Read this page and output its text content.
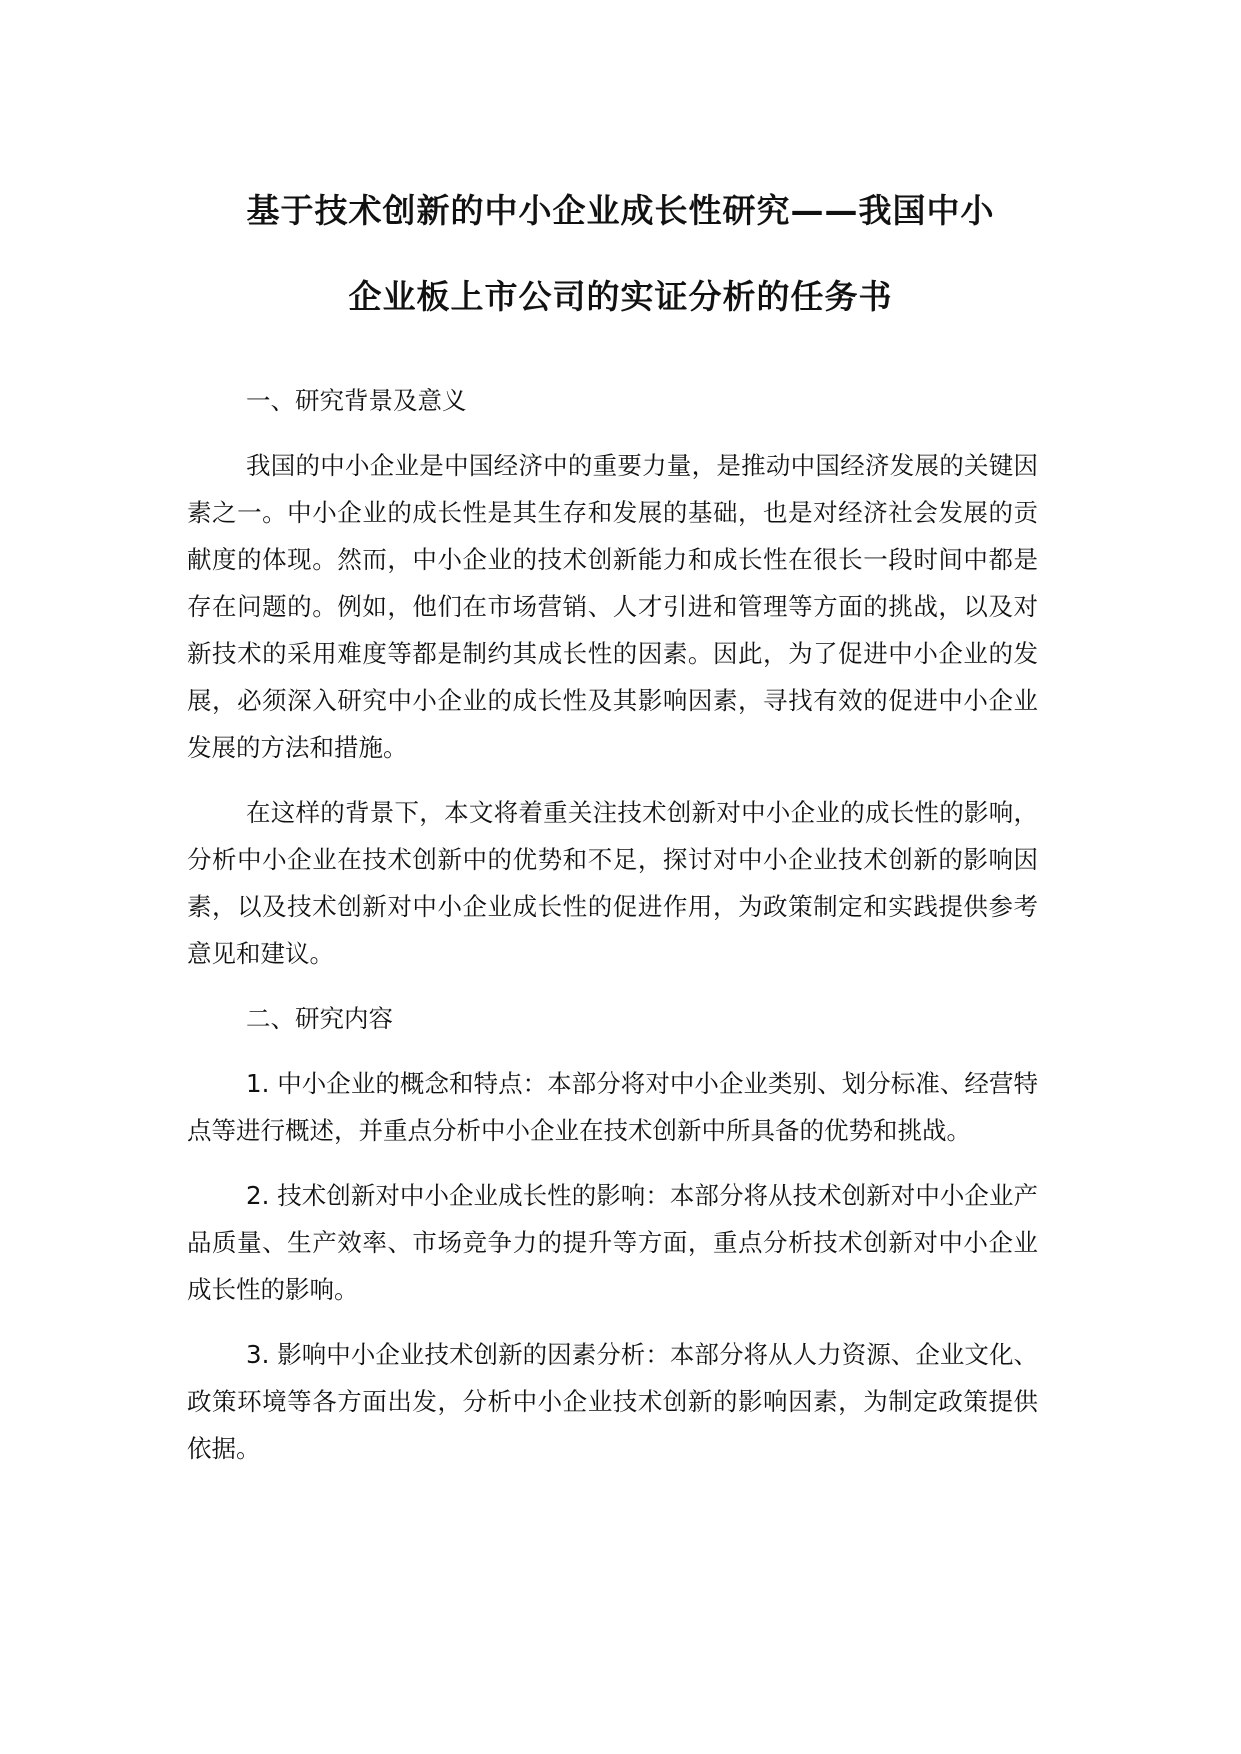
基于技术创新的中小企业成长性研究——我国中小
企业板上市公司的实证分析的任务书

一、研究背景及意义

我国的中小企业是中国经济中的重要力量，是推动中国经济发展的关键因素之一。中小企业的成长性是其生存和发展的基础，也是对经济社会发展的贡献度的体现。然而，中小企业的技术创新能力和成长性在很长一段时间中都是存在问题的。例如，他们在市场营销、人才引进和管理等方面的挑战，以及对新技术的采用难度等都是制约其成长性的因素。因此，为了促进中小企业的发展，必须深入研究中小企业的成长性及其影响因素，寻找有效的促进中小企业发展的方法和措施。

在这样的背景下，本文将着重关注技术创新对中小企业的成长性的影响，分析中小企业在技术创新中的优势和不足，探讨对中小企业技术创新的影响因素，以及技术创新对中小企业成长性的促进作用，为政策制定和实践提供参考意见和建议。

二、研究内容

1. 中小企业的概念和特点：本部分将对中小企业类别、划分标准、经营特点等进行概述，并重点分析中小企业在技术创新中所具备的优势和挑战。

2. 技术创新对中小企业成长性的影响：本部分将从技术创新对中小企业产品质量、生产效率、市场竞争力的提升等方面，重点分析技术创新对中小企业成长性的影响。

3. 影响中小企业技术创新的因素分析：本部分将从人力资源、企业文化、政策环境等各方面出发，分析中小企业技术创新的影响因素，为制定政策提供依据。
